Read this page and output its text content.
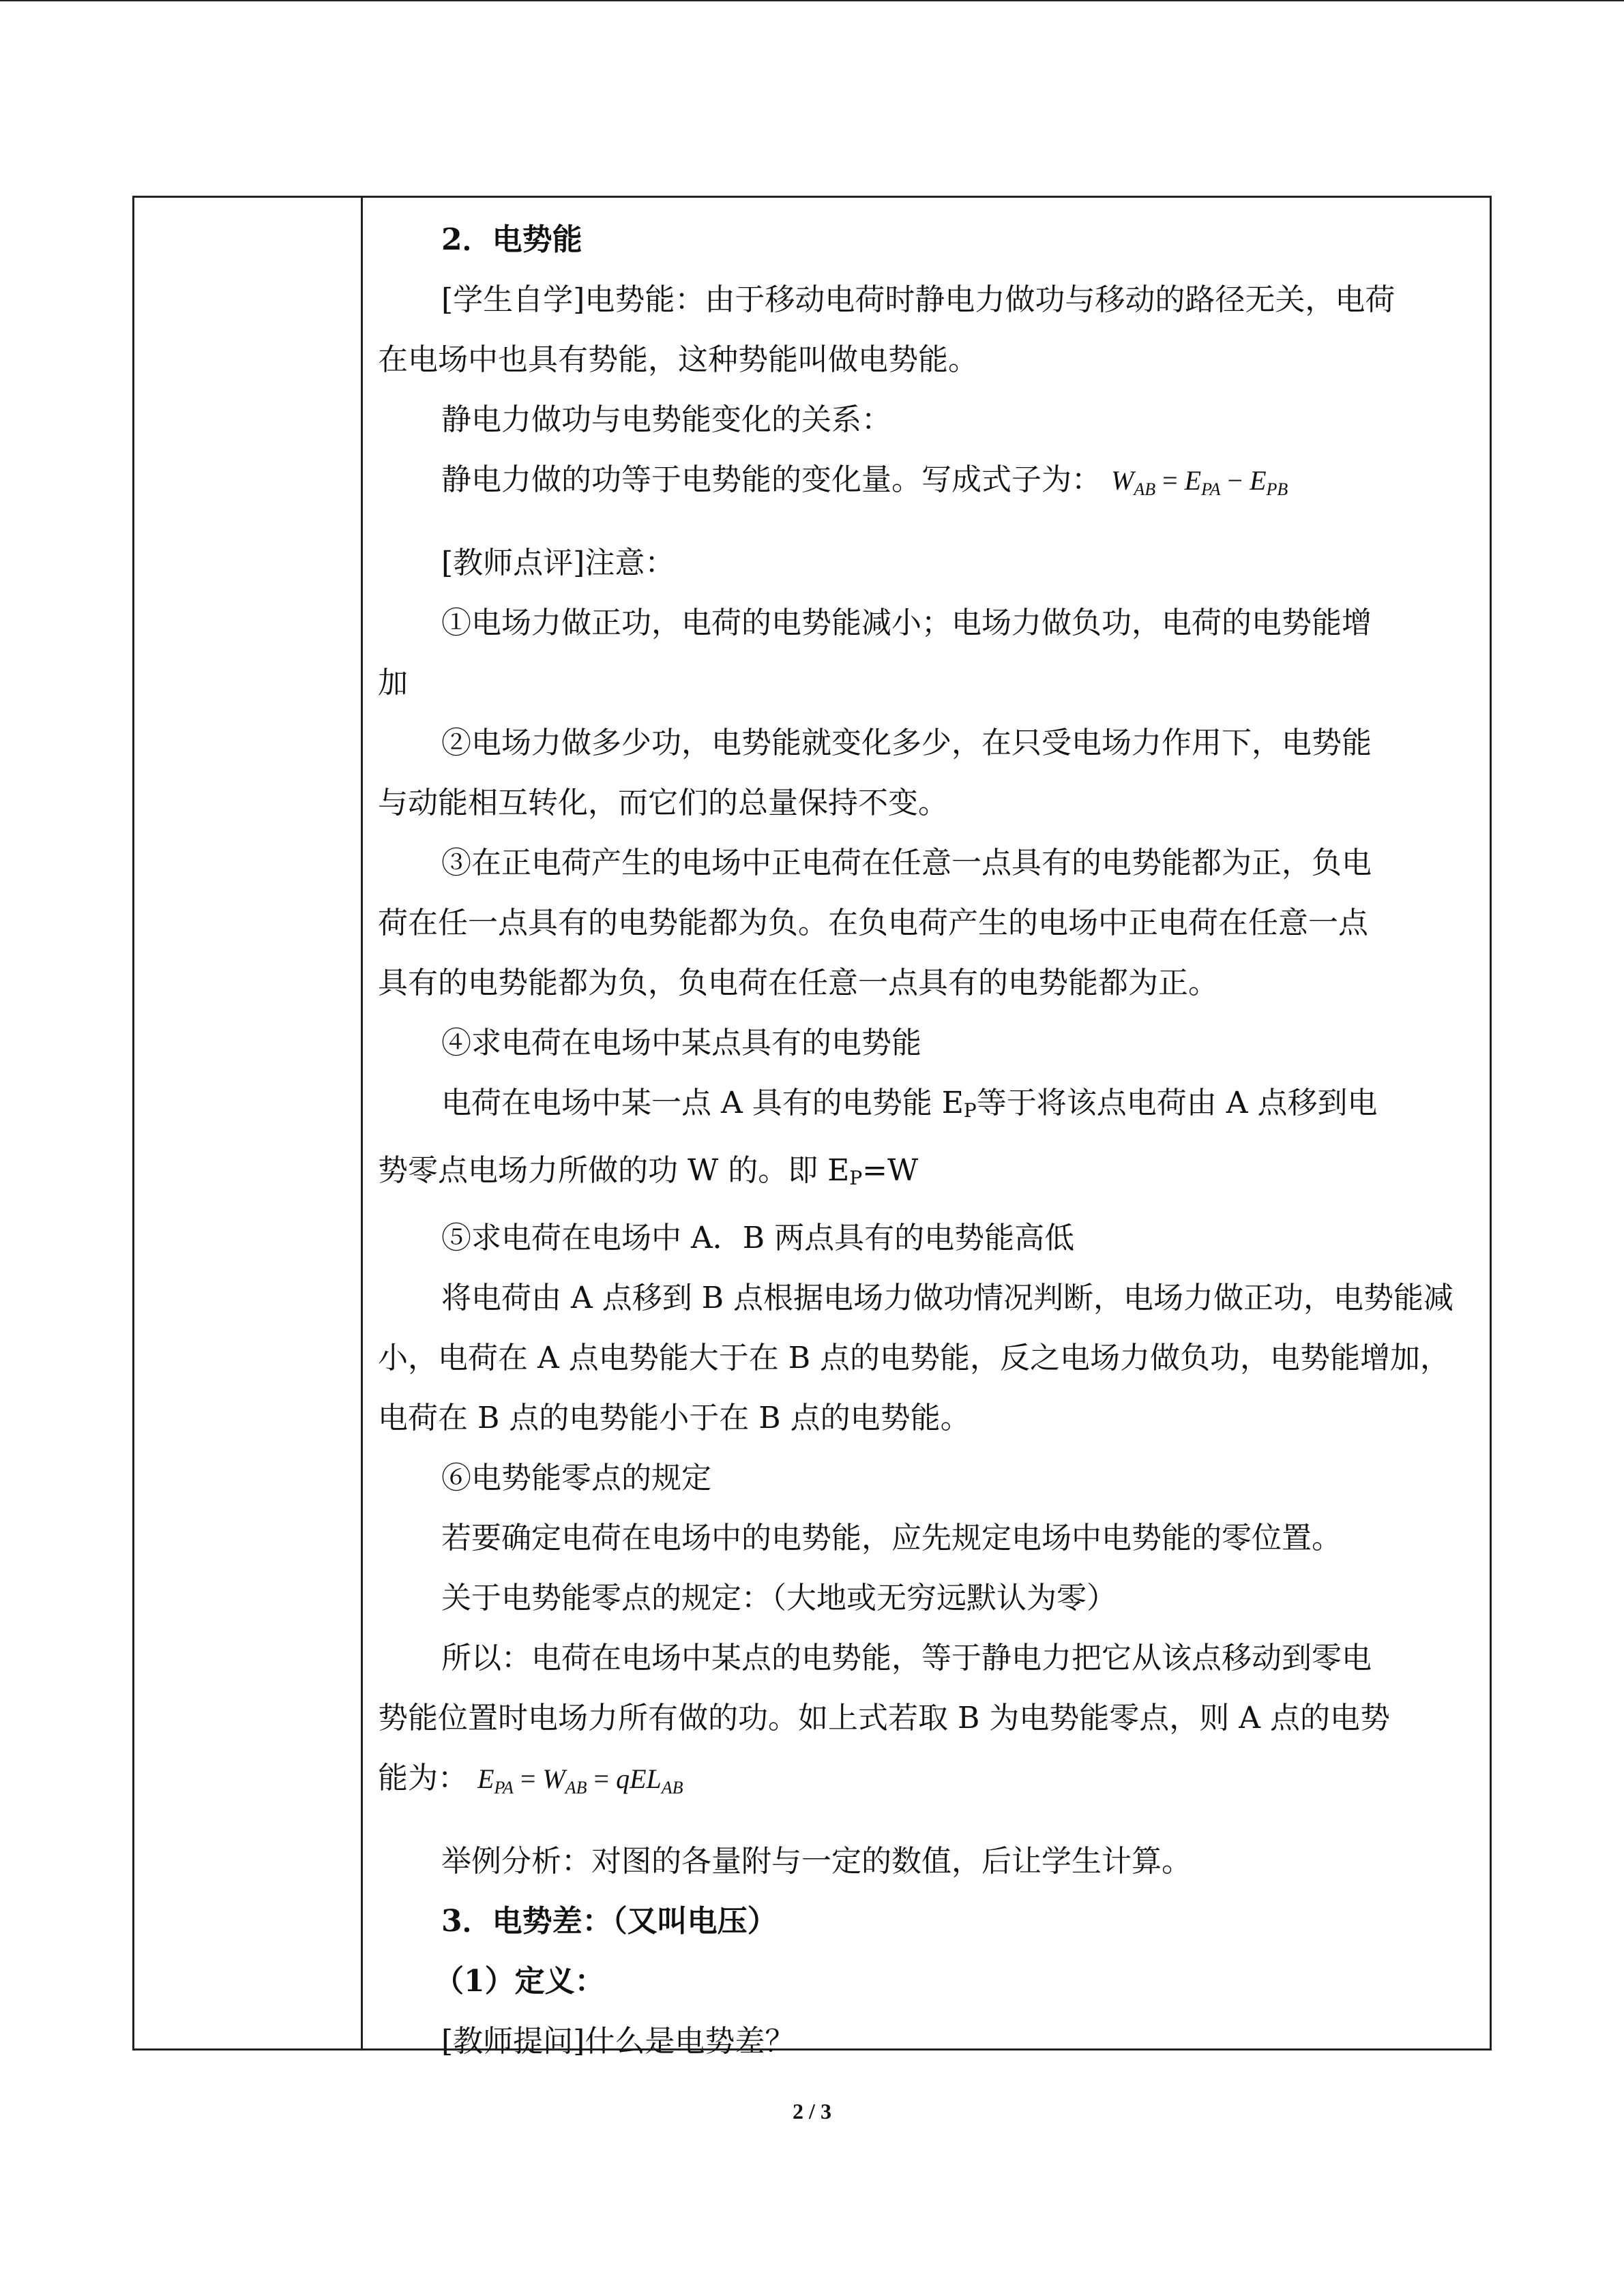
2．电势能

[学生自学]电势能：由于移动电荷时静电力做功与移动的路径无关，电荷

在电场中也具有势能，这种势能叫做电势能。

静电力做功与电势能变化的关系：

静电力做的功等于电势能的变化量。写成式子为： $W_{AB} = E_{PA} - E_{PB}$

[教师点评]注意：

①电场力做正功，电荷的电势能减小；电场力做负功，电荷的电势能增

加

②电场力做多少功，电势能就变化多少，在只受电场力作用下，电势能

与动能相互转化，而它们的总量保持不变。

③在正电荷产生的电场中正电荷在任意一点具有的电势能都为正，负电

荷在任一点具有的电势能都为负。在负电荷产生的电场中正电荷在任意一点

具有的电势能都为负，负电荷在任意一点具有的电势能都为正。

④求电荷在电场中某点具有的电势能

电荷在电场中某一点 A 具有的电势能 EP等于将该点电荷由 A 点移到电

势零点电场力所做的功 W 的。即 EP=W

⑤求电荷在电场中 A．B 两点具有的电势能高低

将电荷由 A 点移到 B 点根据电场力做功情况判断，电场力做正功，电势能减

小，电荷在 A 点电势能大于在 B 点的电势能，反之电场力做负功，电势能增加，

电荷在 B 点的电势能小于在 B 点的电势能。

⑥电势能零点的规定

若要确定电荷在电场中的电势能，应先规定电场中电势能的零位置。

关于电势能零点的规定：（大地或无穷远默认为零）

所以：电荷在电场中某点的电势能，等于静电力把它从该点移动到零电

势能位置时电场力所有做的功。如上式若取 B 为电势能零点，则 A 点的电势

能为： $E_{PA} = W_{AB} = qEL_{AB}$

举例分析：对图的各量附与一定的数值，后让学生计算。

3．电势差：（又叫电压）

（1）定义：

[教师提问]什么是电势差？

2 / 3
